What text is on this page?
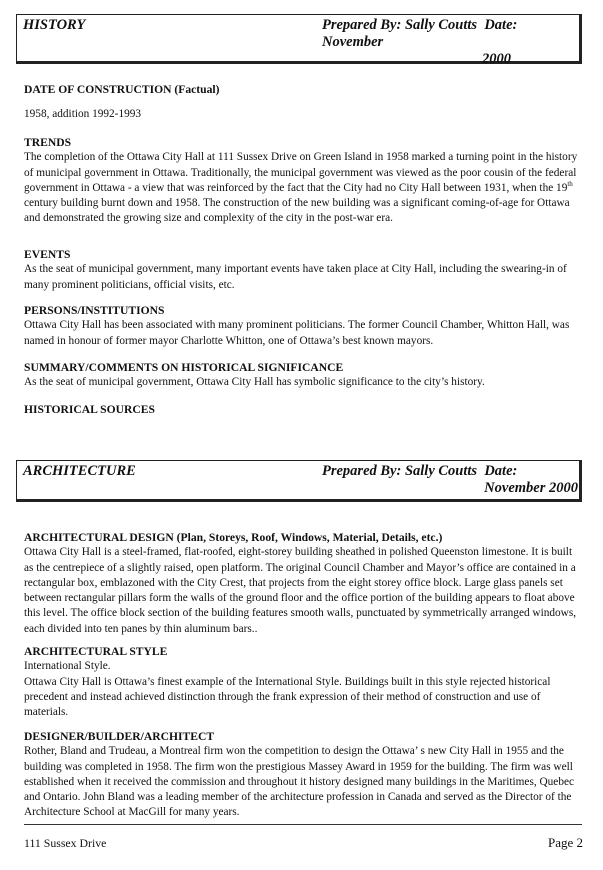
HISTORY	Prepared By: Sally Coutts Date: November
2000
DATE OF CONSTRUCTION (Factual)

1958, addition 1992-1993

TRENDS

The completion of the Ottawa City Hall at 111 Sussex Drive on Green Island in 1958 marked a turning point in the history of municipal government in Ottawa. Traditionally, the municipal government was viewed as the poor cousin of the federal government in Ottawa - a view that was reinforced by the fact that the City had no City Hall between 1931, when the 19th century building burnt down and 1958. The construction of the new building was a significant coming-of-age for Ottawa and demonstrated the growing size and complexity of the city in the post-war era.

EVENTS

As the seat of municipal government, many important events have taken place at City Hall, including the swearing-in of many prominent politicians, official visits, etc.

PERSONS/INSTITUTIONS

Ottawa City Hall has been associated with many prominent politicians. The former Council Chamber, Whitton Hall, was named in honour of former mayor Charlotte Whitton, one of Ottawa’s best known mayors.

SUMMARY/COMMENTS ON HISTORICAL SIGNIFICANCE

As the seat of municipal government, Ottawa City Hall has symbolic significance to the city’s history.

HISTORICAL SOURCES
ARCHITECTURE	Prepared By: Sally Coutts Date:
November 2000
ARCHITECTURAL DESIGN (Plan, Storeys, Roof, Windows, Material, Details, etc.)

Ottawa City Hall is a steel-framed, flat-roofed, eight-storey building sheathed in polished Queenston limestone. It is built as the centrepiece of a slightly raised, open platform. The original Council Chamber and Mayor’s office are contained in a rectangular box, emblazoned with the City Crest, that projects from the eight storey office block. Large glass panels set between rectangular pillars form the walls of the ground floor and the office portion of the building appears to float above this level. The office block section of the building features smooth walls, punctuated by symmetrically arranged windows, each divided into ten panes by thin aluminum bars..

ARCHITECTURAL STYLE

International Style.

Ottawa City Hall is Ottawa’s finest example of the International Style. Buildings built in this style rejected historical precedent and instead achieved distinction through the frank expression of their method of construction and use of materials.

DESIGNER/BUILDER/ARCHITECT

Rother, Bland and Trudeau, a Montreal firm won the competition to design the Ottawa’ s new City Hall in 1955 and the building was completed in 1958. The firm won the prestigious Massey Award in 1959 for the building. The firm was well established when it received the commission and throughout it history designed many buildings in the Maritimes, Quebec and Ontario. John Bland was a leading member of the architecture profession in Canada and served as the Director of the Architecture School at MacGill for many years.

111 Sussex Drive	Page 2
